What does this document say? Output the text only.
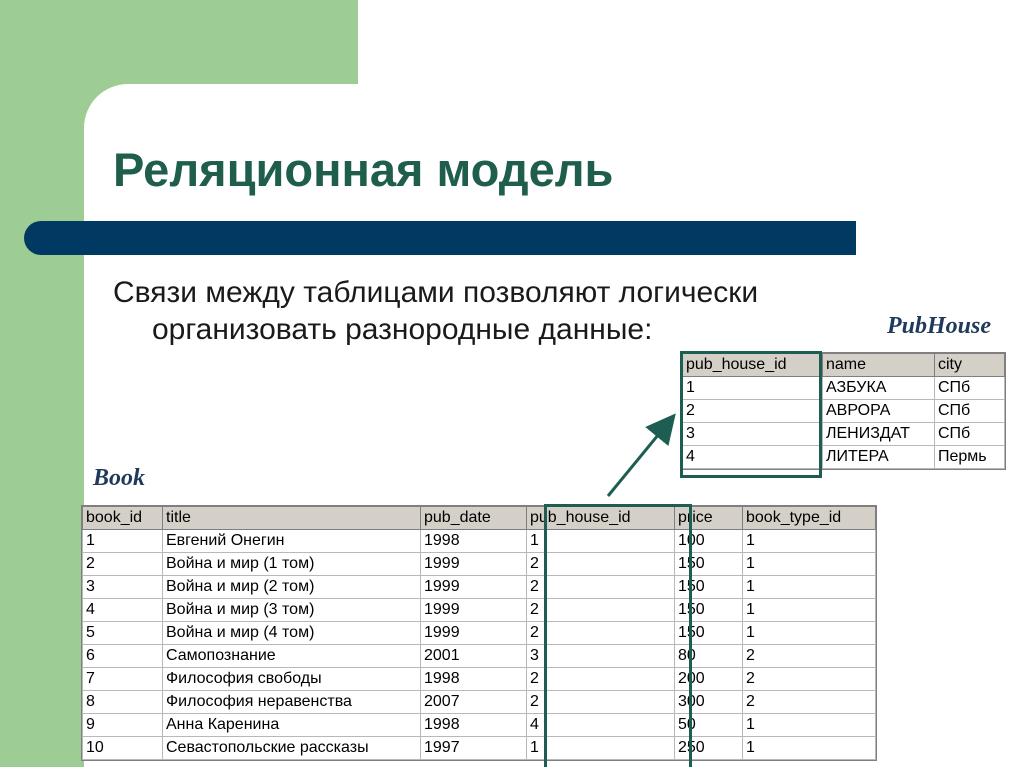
Реляционная модель
Связи между таблицами позволяют логически
организовать разнородные данные:	PubHouse
pub_house_id	name	city
1	АЗБУКА	СПб
2	АВРОРА	СПб
3	ЛЕНИЗДАТ	СПб
4	ЛИТЕРА	Пермь
Book
book_id	title	pub_date	pub_house_id	price	book_type_id
1	Евгений Онегин	1998	1	100	1
2	Война и мир (1 том)	1999	2	150	1
3	Война и мир (2 том)	1999	2	150	1
4	Война и мир (3 том)	1999	2	150	1
5	Война и мир (4 том)	1999	2	150	1
6	Самопознание	2001	3	80	2
7	Философия свободы	1998	2	200	2
8	Философия неравенства	2007	2	300	2
9	Анна Каренина	1998	4	50	1
10	Севастопольские рассказы	1997	1	250	1
